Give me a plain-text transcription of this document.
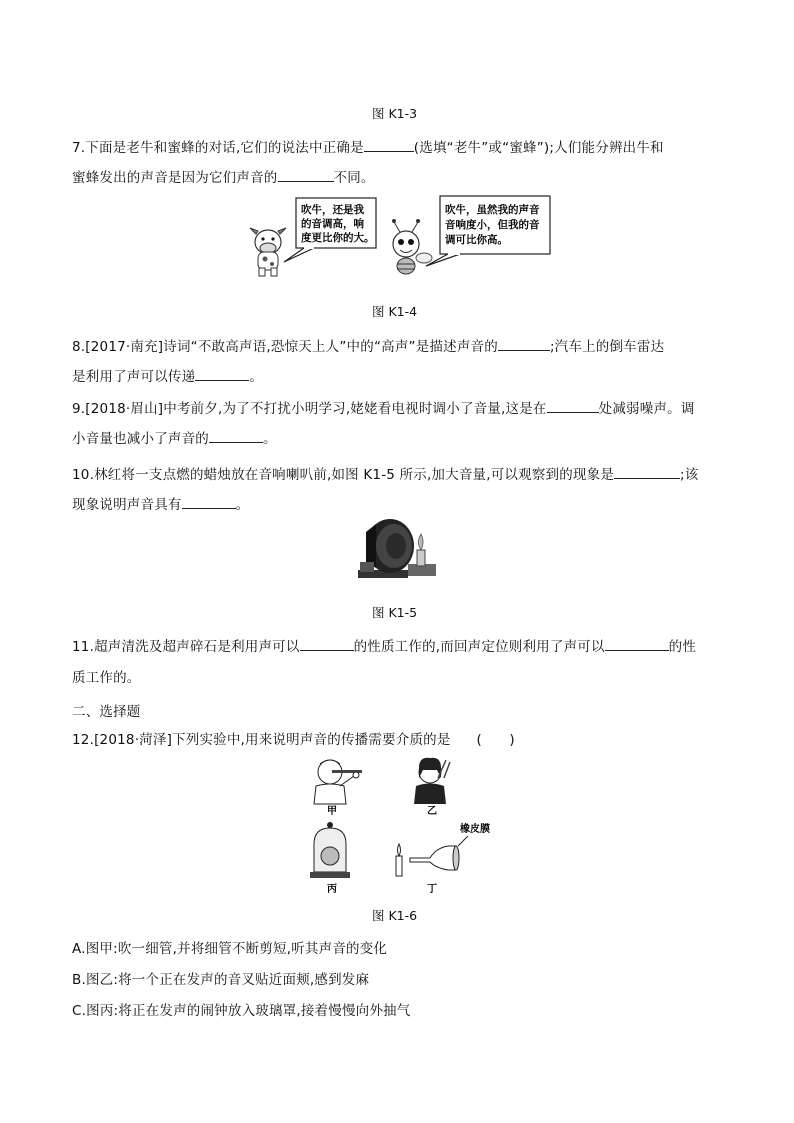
图 K1-3
7.下面是老牛和蜜蜂的对话,它们的说法中正确是	(选填“老牛”或“蜜蜂”);人们能分辨出牛和
蜜蜂发出的声音是因为它们声音的	不同。
吹牛，还是我
的音调高，响
度更比你的大。
吹牛，虽然我的声音
音响度小，但我的音
调可比你高。
图 K1-4
8.[2017·南充]诗词“不敢高声语,恐惊天上人”中的“高声”是描述声音的	;汽车上的倒车雷达
是利用了声可以传递	。
9.[2018·眉山]中考前夕,为了不打扰小明学习,姥姥看电视时调小了音量,这是在	处减弱噪声。调
小音量也减小了声音的	。
10.林红将一支点燃的蜡烛放在音响喇叭前,如图 K1-5 所示,加大音量,可以观察到的现象是	;该
现象说明声音具有	。
图 K1-5
11.超声清洗及超声碎石是利用声可以	的性质工作的,而回声定位则利用了声可以	的性
质工作的。
二、选择题
12.[2018·菏泽]下列实验中,用来说明声音的传播需要介质的是 (　　)
甲	乙
丙
橡皮膜
丁
图 K1-6
A.图甲:吹一细管,并将细管不断剪短,听其声音的变化
B.图乙:将一个正在发声的音叉贴近面颊,感到发麻
C.图丙:将正在发声的闹钟放入玻璃罩,接着慢慢向外抽气
